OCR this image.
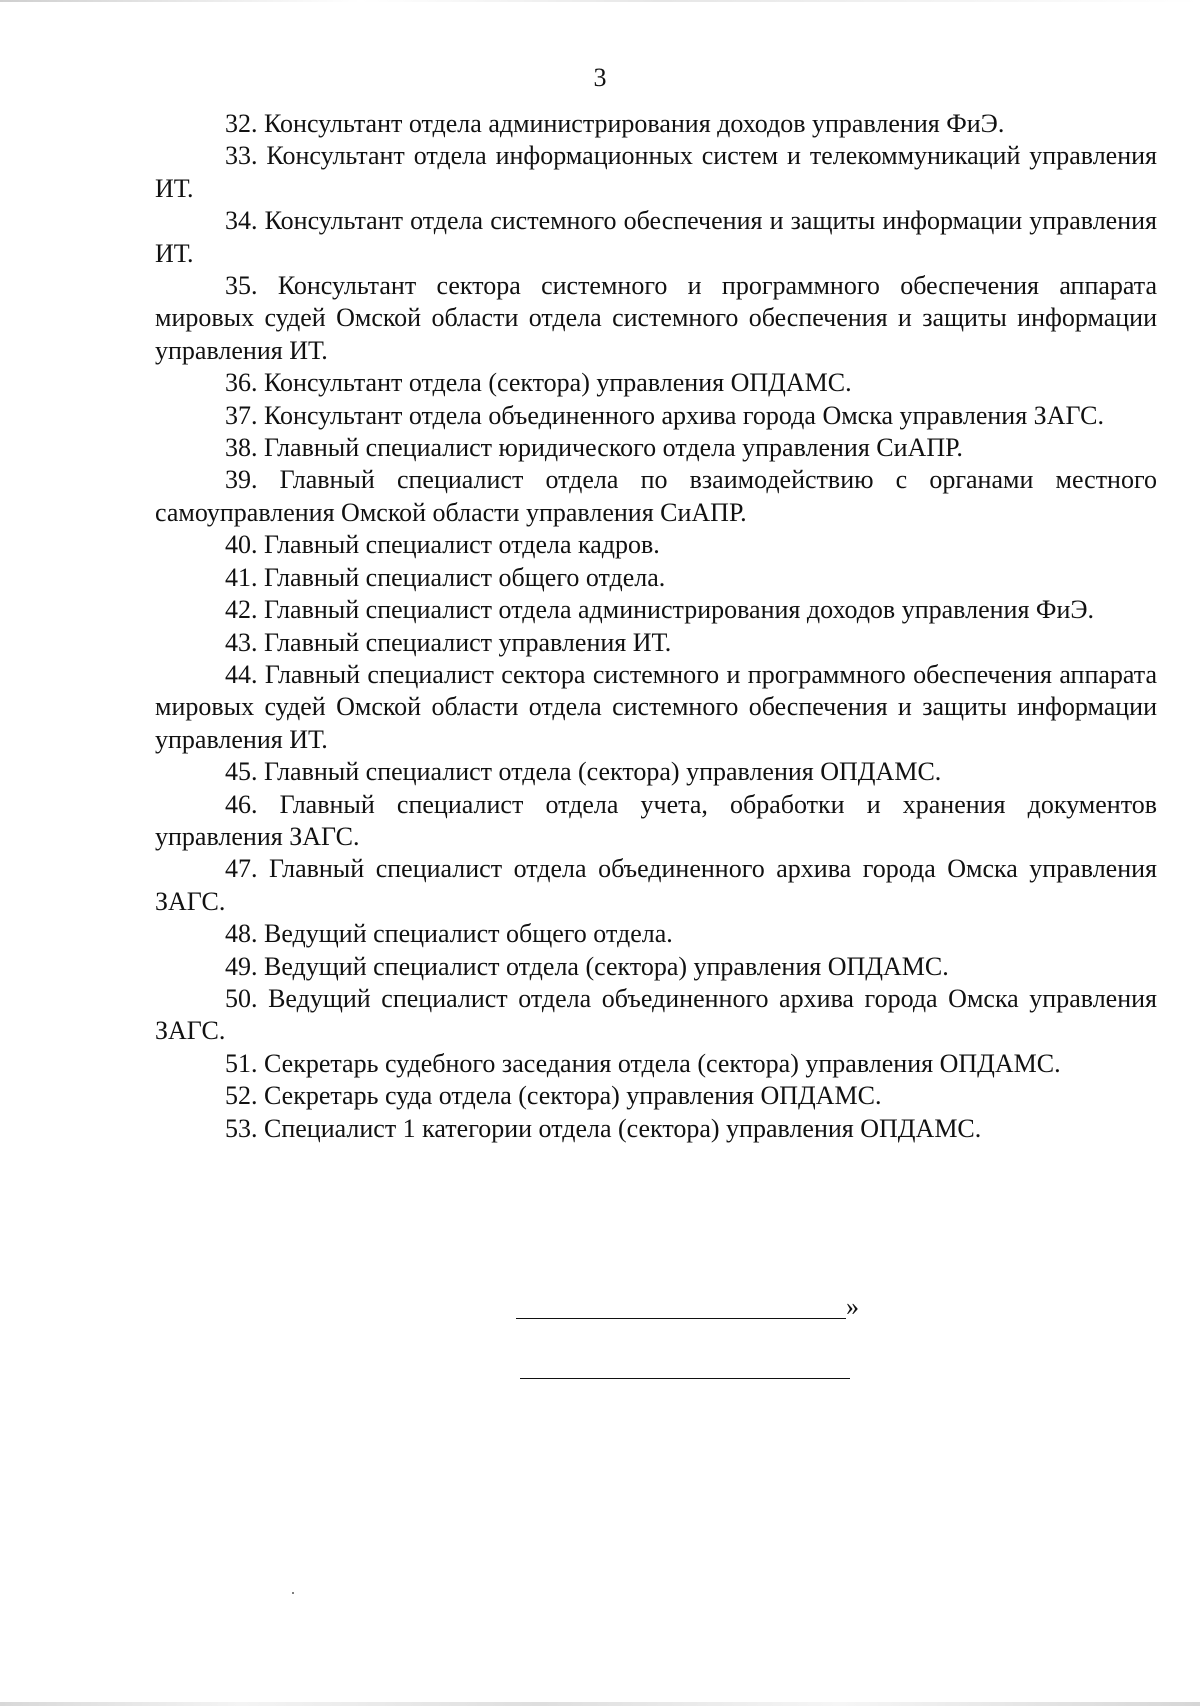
3

32. Консультант отдела администрирования доходов управления ФиЭ.

33. Консультант отдела информационных систем и телекоммуникаций управления ИТ.

34. Консультант отдела системного обеспечения и защиты информации управления ИТ.

35. Консультант сектора системного и программного обеспечения аппарата мировых судей Омской области отдела системного обеспечения и защиты информации управления ИТ.

36. Консультант отдела (сектора) управления ОПДАМС.

37. Консультант отдела объединенного архива города Омска управления ЗАГС.

38. Главный специалист юридического отдела управления СиАПР.

39. Главный специалист отдела по взаимодействию с органами местного самоуправления Омской области управления СиАПР.

40. Главный специалист отдела кадров.

41. Главный специалист общего отдела.

42. Главный специалист отдела администрирования доходов управления ФиЭ.

43. Главный специалист управления ИТ.

44. Главный специалист сектора системного и программного обеспечения аппарата мировых судей Омской области отдела системного обеспечения и защиты информации управления ИТ.

45. Главный специалист отдела (сектора) управления ОПДАМС.

46. Главный специалист отдела учета, обработки и хранения документов управления ЗАГС.

47. Главный специалист отдела объединенного архива города Омска управления ЗАГС.

48. Ведущий специалист общего отдела.

49. Ведущий специалист отдела (сектора) управления ОПДАМС.

50. Ведущий специалист отдела объединенного архива города Омска управления ЗАГС.

51. Секретарь судебного заседания отдела (сектора) управления ОПДАМС.

52. Секретарь суда отдела (сектора) управления ОПДАМС.

53. Специалист 1 категории отдела (сектора) управления ОПДАМС.

»
